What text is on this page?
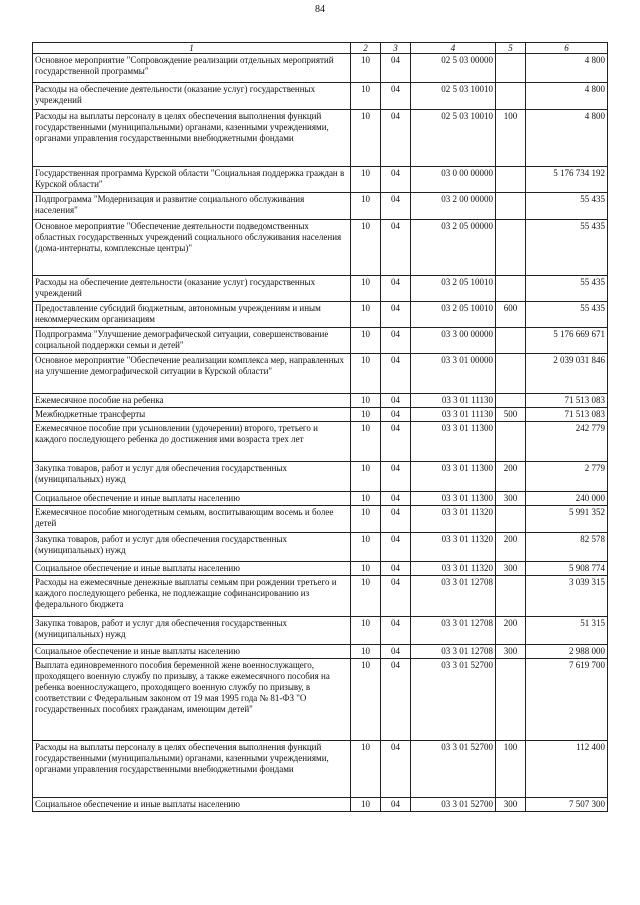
84
1	2	3	4	5	6
Основное мероприятие "Сопровождение реализации отдельных мероприятий государственной программы"	10	04	02 5 03 00000		4 800
Расходы на обеспечение деятельности (оказание услуг) государственных учреждений	10	04	02 5 03 10010		4 800
Расходы на выплаты персоналу в целях обеспечения выполнения функций государственными (муниципальными) органами, казенными учреждениями, органами управления государственными внебюджетными фондами	10	04	02 5 03 10010	100	4 800
Государственная программа Курской области "Социальная поддержка граждан в Курской области"	10	04	03 0 00 00000		5 176 734 192
Подпрограмма "Модернизация и развитие социального обслуживания населения"	10	04	03 2 00 00000		55 435
Основное мероприятие "Обеспечение деятельности подведомственных областных государственных учреждений социального обслуживания населения (дома-интернаты, комплексные центры)"	10	04	03 2 05 00000		55 435
Расходы на обеспечение деятельности (оказание услуг) государственных учреждений	10	04	03 2 05 10010		55 435
Предоставление субсидий бюджетным, автономным учреждениям и иным некоммерческим организациям	10	04	03 2 05 10010	600	55 435
Подпрограмма "Улучшение демографической ситуации, совершенствование социальной поддержки семьи и детей"	10	04	03 3 00 00000		5 176 669 671
Основное мероприятие "Обеспечение реализации комплекса мер, направленных на улучшение демографической ситуации в Курской области"	10	04	03 3 01 00000		2 039 031 846
Ежемесячное пособие на ребенка	10	04	03 3 01 11130		71 513 083
Межбюджетные трансферты	10	04	03 3 01 11130	500	71 513 083
Ежемесячное пособие при усыновлении (удочерении) второго, третьего и каждого последующего ребенка до достижения ими возраста трех лет	10	04	03 3 01 11300		242 779
Закупка товаров, работ и услуг для обеспечения государственных (муниципальных) нужд	10	04	03 3 01 11300	200	2 779
Социальное обеспечение и иные выплаты населению	10	04	03 3 01 11300	300	240 000
Ежемесячное пособие многодетным семьям, воспитывающим восемь и более детей	10	04	03 3 01 11320		5 991 352
Закупка товаров, работ и услуг для обеспечения государственных (муниципальных) нужд	10	04	03 3 01 11320	200	82 578
Социальное обеспечение и иные выплаты населению	10	04	03 3 01 11320	300	5 908 774
Расходы на ежемесячные денежные выплаты семьям при рождении третьего и каждого последующего ребенка, не подлежащие софинансированию из федерального бюджета	10	04	03 3 01 12708		3 039 315
Закупка товаров, работ и услуг для обеспечения государственных (муниципальных) нужд	10	04	03 3 01 12708	200	51 315
Социальное обеспечение и иные выплаты населению	10	04	03 3 01 12708	300	2 988 000
Выплата единовременного пособия беременной жене военнослужащего, проходящего военную службу по призыву, а также ежемесячного пособия на ребенка военнослужащего, проходящего военную службу по призыву, в соответствии с Федеральным законом от 19 мая 1995 года № 81-ФЗ "О государственных пособиях гражданам, имеющим детей"	10	04	03 3 01 52700		7 619 700
Расходы на выплаты персоналу в целях обеспечения выполнения функций государственными (муниципальными) органами, казенными учреждениями, органами управления государственными внебюджетными фондами	10	04	03 3 01 52700	100	112 400
Социальное обеспечение и иные выплаты населению	10	04	03 3 01 52700	300	7 507 300
